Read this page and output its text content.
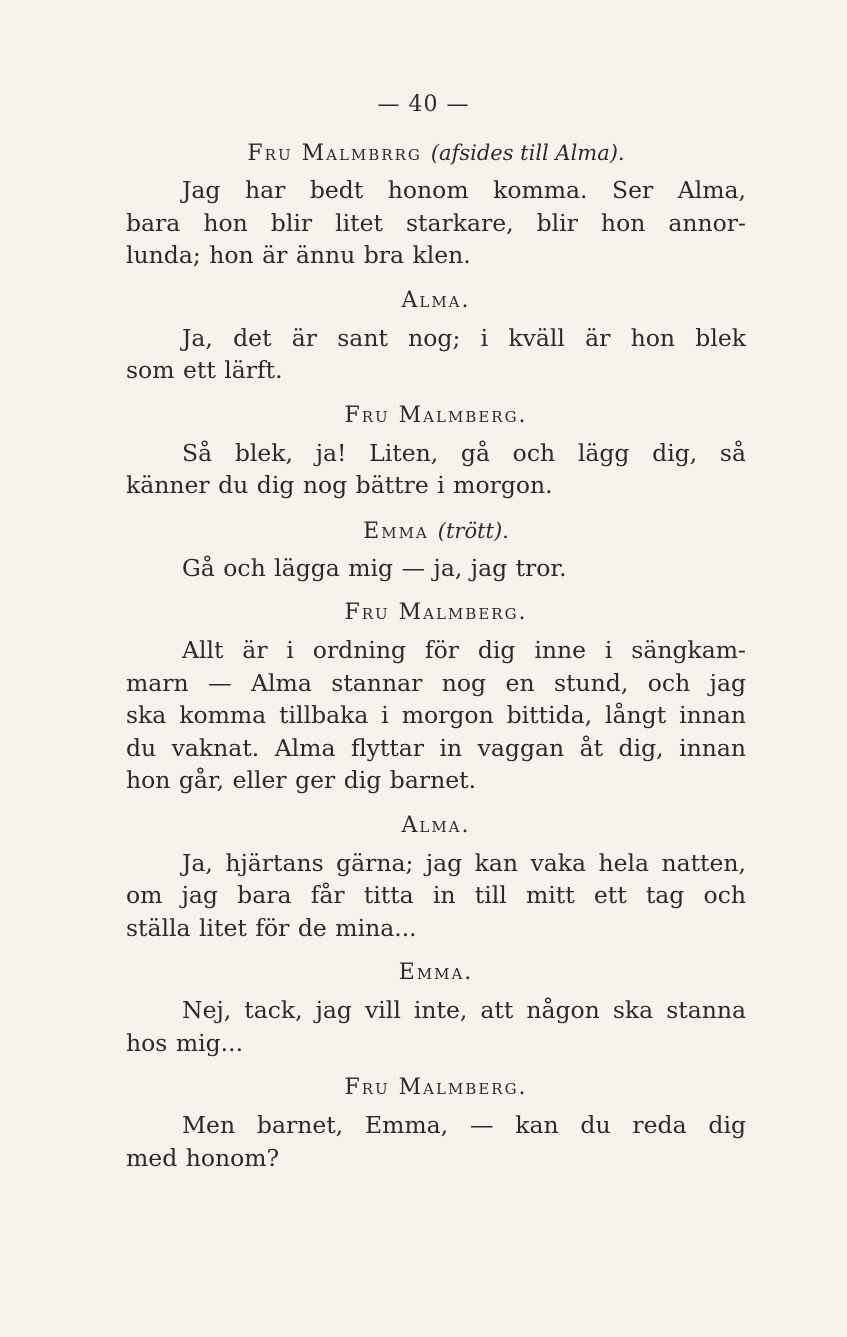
— 40 —
Fru Malmbrrg (afsides till Alma).
Jag har bedt honom komma. Ser Alma,
bara hon blir litet starkare, blir hon annor-
lunda; hon är ännu bra klen.
Alma.
Ja, det är sant nog; i kväll är hon blek
som ett lärft.
Fru Malmberg.
Så blek, ja! Liten, gå och lägg dig, så
känner du dig nog bättre i morgon.
Emma (trött).
Gå och lägga mig — ja, jag tror.
Fru Malmberg.
Allt är i ordning för dig inne i sängkam-
marn — Alma stannar nog en stund, och jag
ska komma tillbaka i morgon bittida, långt innan
du vaknat. Alma flyttar in vaggan åt dig, innan
hon går, eller ger dig barnet.
Alma.
Ja, hjärtans gärna; jag kan vaka hela natten,
om jag bara får titta in till mitt ett tag och
ställa litet för de mina...
Emma.
Nej, tack, jag vill inte, att någon ska stanna
hos mig...
Fru Malmberg.
Men barnet, Emma, — kan du reda dig
med honom?
